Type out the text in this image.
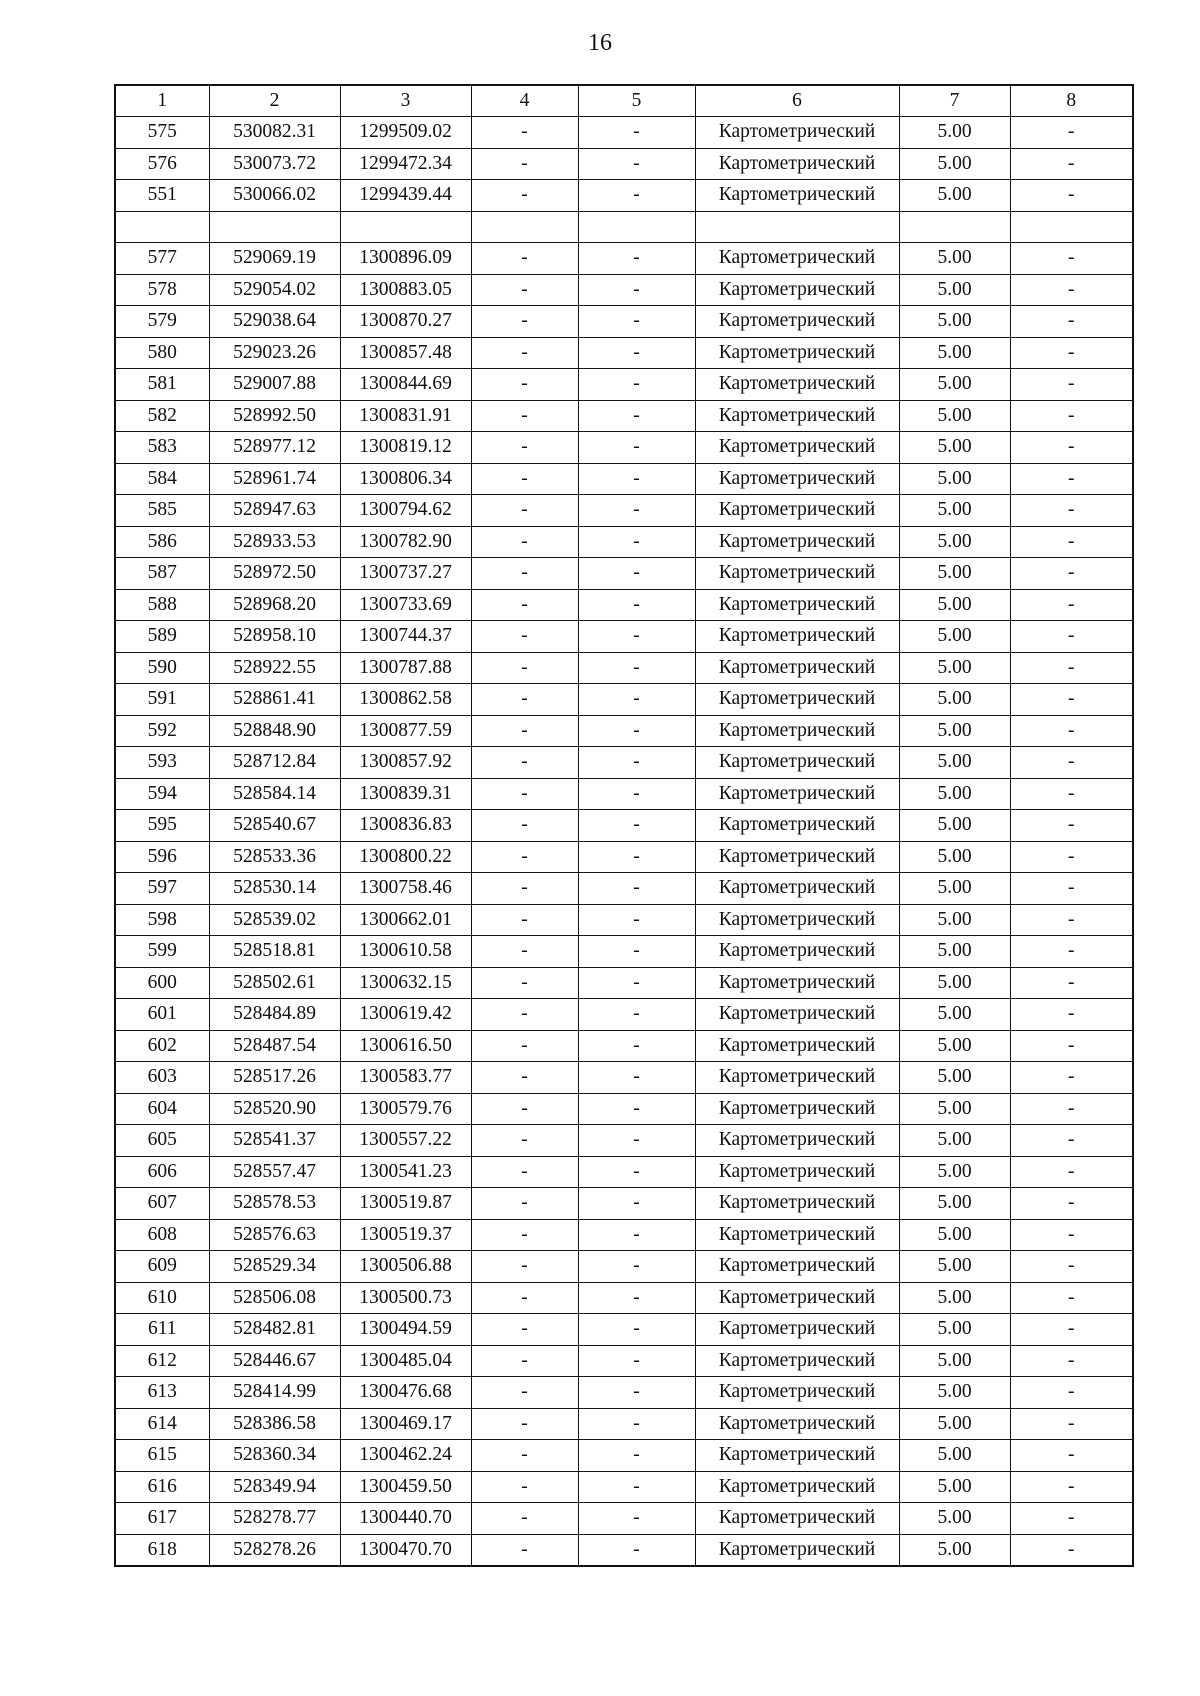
16
1	2	3	4	5	6	7	8
575	530082.31	1299509.02	-	-	Картометрический	5.00	-
576	530073.72	1299472.34	-	-	Картометрический	5.00	-
551	530066.02	1299439.44	-	-	Картометрический	5.00	-

577	529069.19	1300896.09	-	-	Картометрический	5.00	-
578	529054.02	1300883.05	-	-	Картометрический	5.00	-
579	529038.64	1300870.27	-	-	Картометрический	5.00	-
580	529023.26	1300857.48	-	-	Картометрический	5.00	-
581	529007.88	1300844.69	-	-	Картометрический	5.00	-
582	528992.50	1300831.91	-	-	Картометрический	5.00	-
583	528977.12	1300819.12	-	-	Картометрический	5.00	-
584	528961.74	1300806.34	-	-	Картометрический	5.00	-
585	528947.63	1300794.62	-	-	Картометрический	5.00	-
586	528933.53	1300782.90	-	-	Картометрический	5.00	-
587	528972.50	1300737.27	-	-	Картометрический	5.00	-
588	528968.20	1300733.69	-	-	Картометрический	5.00	-
589	528958.10	1300744.37	-	-	Картометрический	5.00	-
590	528922.55	1300787.88	-	-	Картометрический	5.00	-
591	528861.41	1300862.58	-	-	Картометрический	5.00	-
592	528848.90	1300877.59	-	-	Картометрический	5.00	-
593	528712.84	1300857.92	-	-	Картометрический	5.00	-
594	528584.14	1300839.31	-	-	Картометрический	5.00	-
595	528540.67	1300836.83	-	-	Картометрический	5.00	-
596	528533.36	1300800.22	-	-	Картометрический	5.00	-
597	528530.14	1300758.46	-	-	Картометрический	5.00	-
598	528539.02	1300662.01	-	-	Картометрический	5.00	-
599	528518.81	1300610.58	-	-	Картометрический	5.00	-
600	528502.61	1300632.15	-	-	Картометрический	5.00	-
601	528484.89	1300619.42	-	-	Картометрический	5.00	-
602	528487.54	1300616.50	-	-	Картометрический	5.00	-
603	528517.26	1300583.77	-	-	Картометрический	5.00	-
604	528520.90	1300579.76	-	-	Картометрический	5.00	-
605	528541.37	1300557.22	-	-	Картометрический	5.00	-
606	528557.47	1300541.23	-	-	Картометрический	5.00	-
607	528578.53	1300519.87	-	-	Картометрический	5.00	-
608	528576.63	1300519.37	-	-	Картометрический	5.00	-
609	528529.34	1300506.88	-	-	Картометрический	5.00	-
610	528506.08	1300500.73	-	-	Картометрический	5.00	-
611	528482.81	1300494.59	-	-	Картометрический	5.00	-
612	528446.67	1300485.04	-	-	Картометрический	5.00	-
613	528414.99	1300476.68	-	-	Картометрический	5.00	-
614	528386.58	1300469.17	-	-	Картометрический	5.00	-
615	528360.34	1300462.24	-	-	Картометрический	5.00	-
616	528349.94	1300459.50	-	-	Картометрический	5.00	-
617	528278.77	1300440.70	-	-	Картометрический	5.00	-
618	528278.26	1300470.70	-	-	Картометрический	5.00	-
